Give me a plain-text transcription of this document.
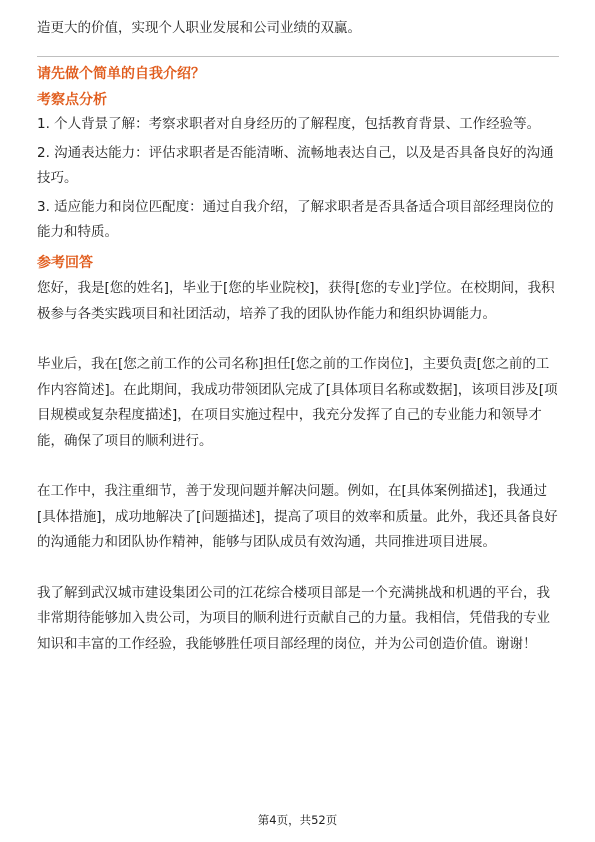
造更大的价值，实现个人职业发展和公司业绩的双赢。

请先做个简单的自我介绍？
考察点分析

1. 个人背景了解：考察求职者对自身经历的了解程度，包括教育背景、工作经验等。

2. 沟通表达能力：评估求职者是否能清晰、流畅地表达自己，以及是否具备良好的沟通技巧。

3. 适应能力和岗位匹配度：通过自我介绍，了解求职者是否具备适合项目部经理岗位的能力和特质。

参考回答

您好，我是[您的姓名]，毕业于[您的毕业院校]，获得[您的专业]学位。在校期间，我积极参与各类实践项目和社团活动，培养了我的团队协作能力和组织协调能力。

毕业后，我在[您之前工作的公司名称]担任[您之前的工作岗位]，主要负责[您之前的工作内容简述]。在此期间，我成功带领团队完成了[具体项目名称或数据]，该项目涉及[项目规模或复杂程度描述]，在项目实施过程中，我充分发挥了自己的专业能力和领导才能，确保了项目的顺利进行。

在工作中，我注重细节，善于发现问题并解决问题。例如，在[具体案例描述]，我通过[具体措施]，成功地解决了[问题描述]，提高了项目的效率和质量。此外，我还具备良好的沟通能力和团队协作精神，能够与团队成员有效沟通，共同推进项目进展。

我了解到武汉城市建设集团公司的江花综合楼项目部是一个充满挑战和机遇的平台，我非常期待能够加入贵公司，为项目的顺利进行贡献自己的力量。我相信，凭借我的专业知识和丰富的工作经验，我能够胜任项目部经理的岗位，并为公司创造价值。谢谢！

第4页，共52页
